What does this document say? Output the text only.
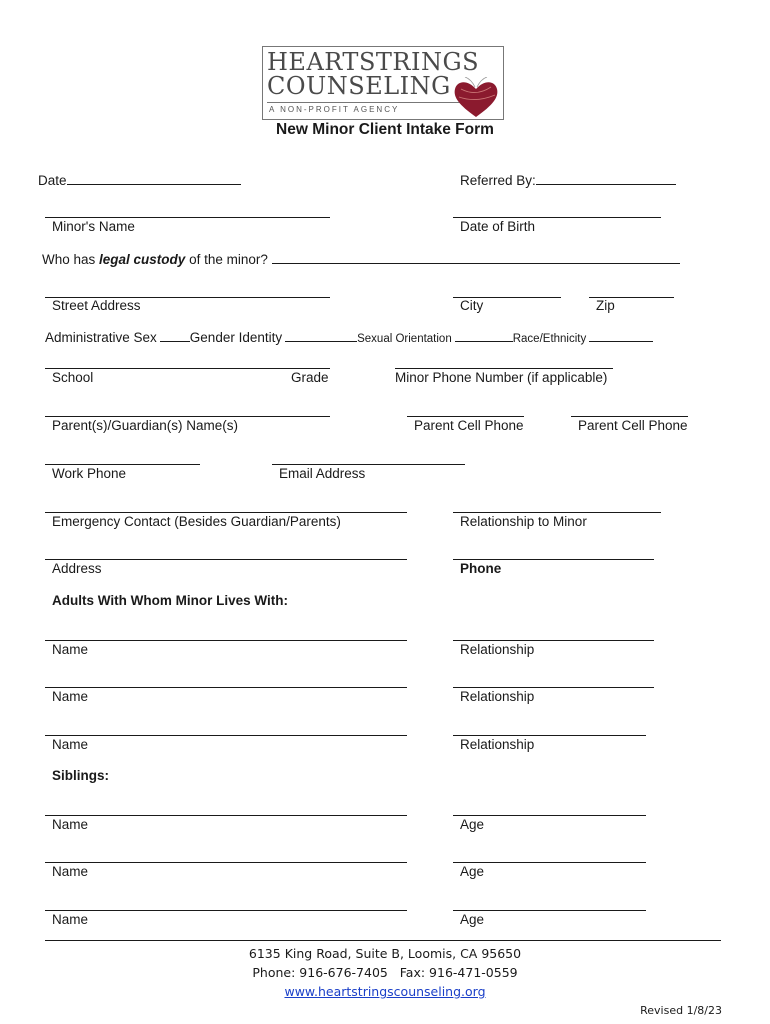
HEARTSTRINGS
COUNSELING
A NON-PROFIT AGENCY
New Minor Client Intake Form
Date	Referred By:
Minor's Name	Date of Birth
Who has legal custody of the minor?
Street Address	City	Zip
Administrative Sex Gender Identity	Sexual Orientation	Race/Ethnicity
School	Grade	Minor Phone Number (if applicable)
Parent(s)/Guardian(s) Name(s)	Parent Cell Phone	Parent Cell Phone
Work Phone	Email Address
Emergency Contact (Besides Guardian/Parents)	Relationship to Minor
Address	Phone
Adults With Whom Minor Lives With:
Name	Relationship
Name	Relationship
Name	Relationship
Siblings:
Name	Age
Name	Age
Name	Age
6135 King Road, Suite B, Loomis, CA 95650
Phone: 916-676-7405   Fax: 916-471-0559
www.heartstringscounseling.org
Revised 1/8/23
